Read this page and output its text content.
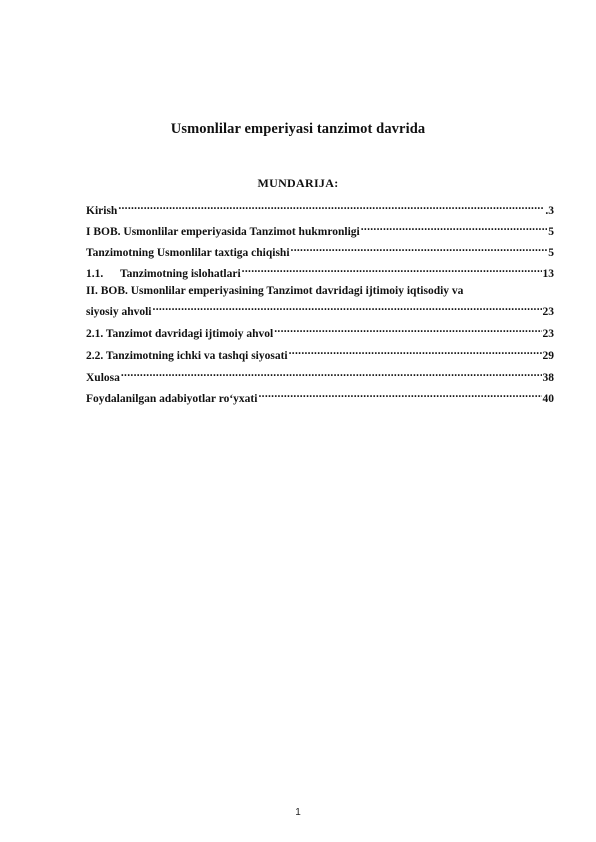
Usmonlilar emperiyasi tanzimot davrida
MUNDARIJA:
Kirish .....	.3
I BOB. Usmonlilar emperiyasida Tanzimot hukmronligi .....	5
Tanzimotning Usmonlilar taxtiga chiqishi .....	5
1.1. Tanzimotning islohatlari .....	13
II. BOB. Usmonlilar emperiyasining Tanzimot davridagi ijtimoiy iqtisodiy va
siyosiy ahvoli .....	23
2.1. Tanzimot davridagi ijtimoiy ahvol .....	23
2.2. Tanzimotning ichki va tashqi siyosati .....	29
Xulosa .....	38
Foydalanilgan adabiyotlar ro‘yxati .....	40
1
